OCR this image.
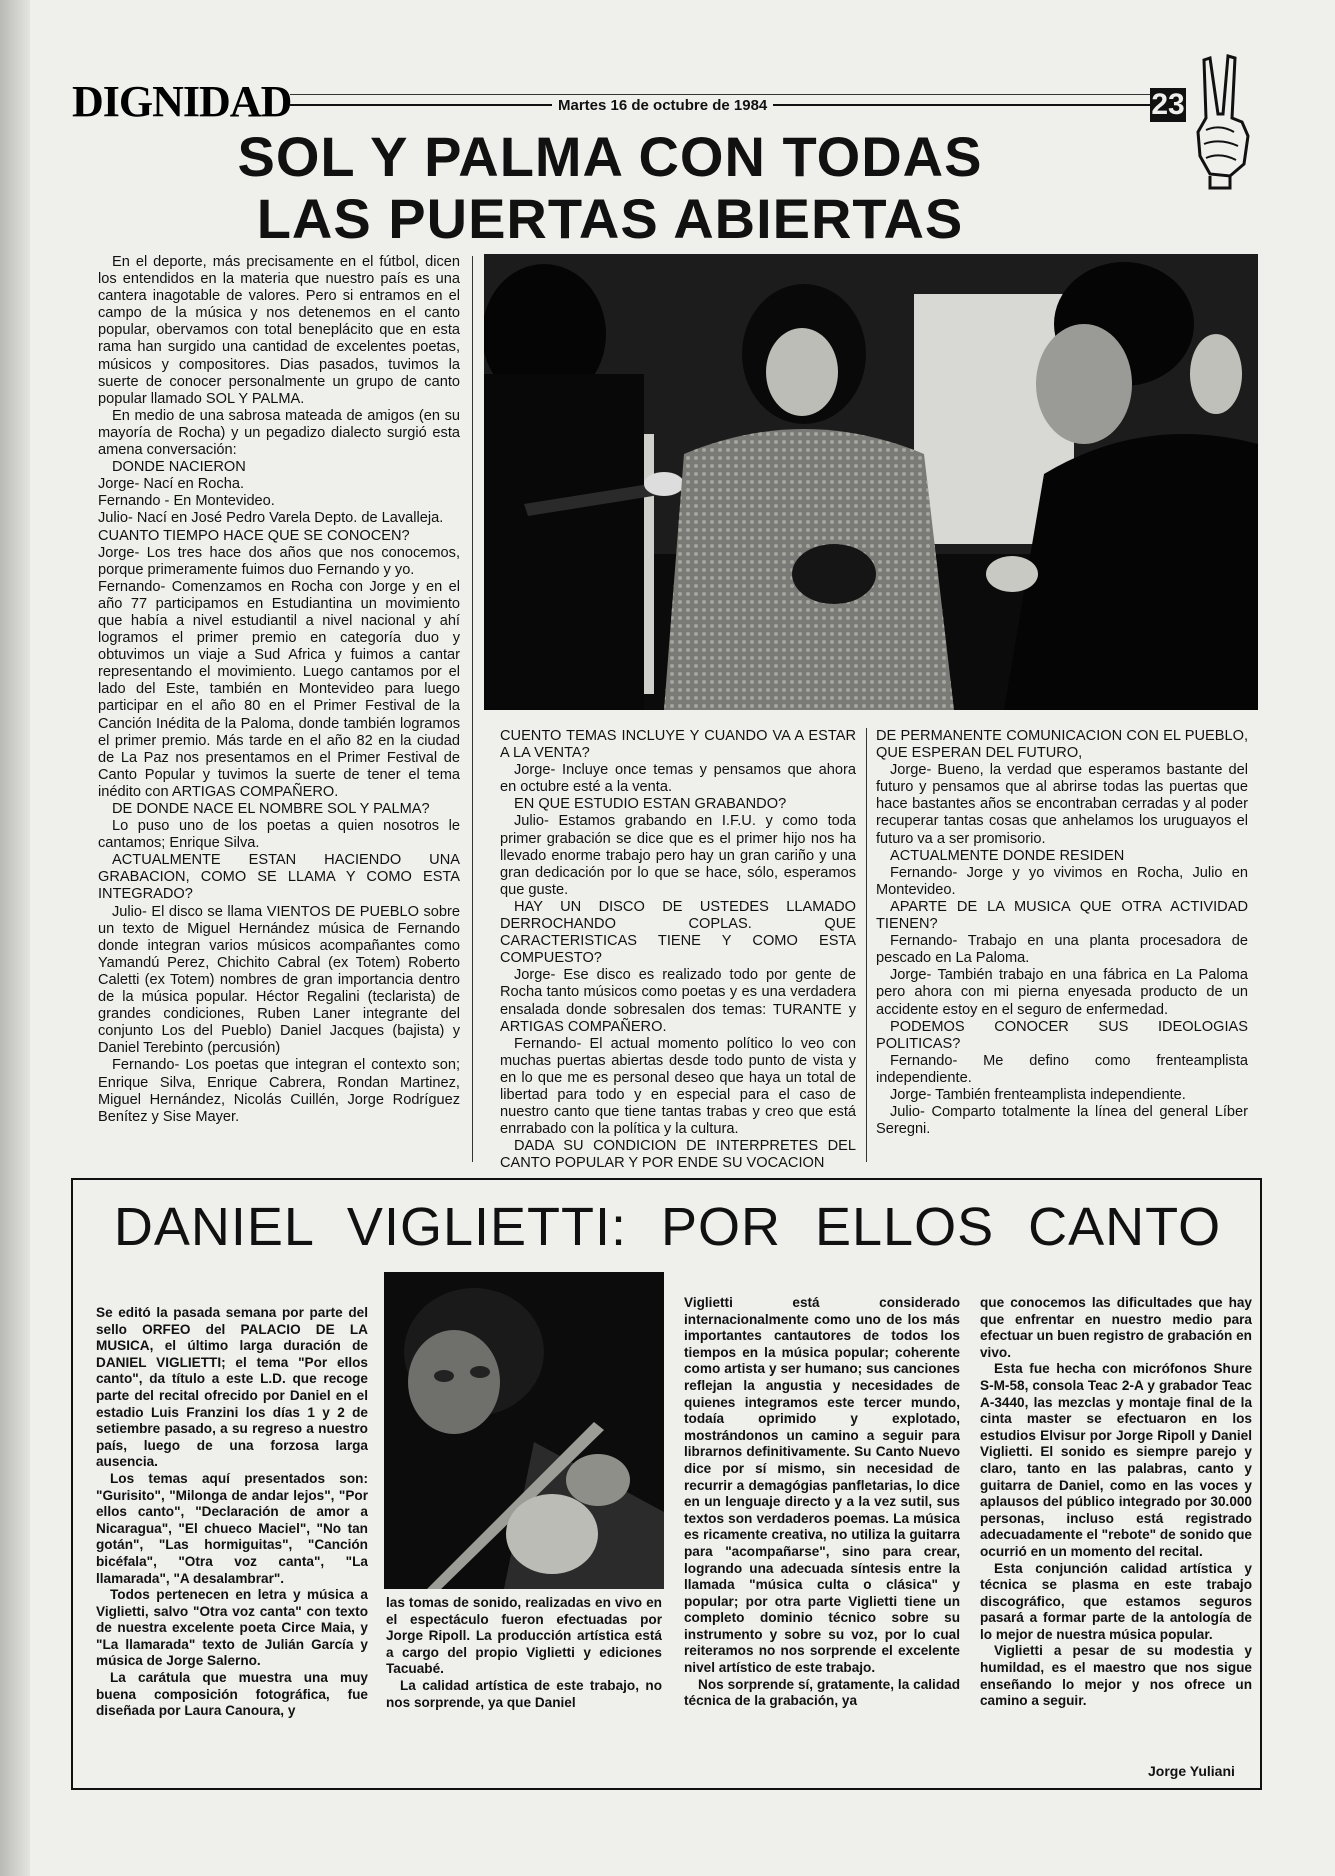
DIGNIDAD	Martes 16 de octubre de 1984	23
SOL Y PALMA CON TODAS
LAS PUERTAS ABIERTAS

En el deporte, más precisamente en el fútbol, dicen los entendidos en la materia que nuestro país es una cantera inagotable de valores. Pero si entramos en el campo de la música y nos detenemos en el canto popular, obervamos con total beneplácito que en esta rama han surgido una cantidad de excelentes poetas, músicos y compositores. Dias pasados, tuvimos la suerte de conocer personalmente un grupo de canto popular llamado SOL Y PALMA.

En medio de una sabrosa mateada de amigos (en su mayoría de Rocha) y un pegadizo dialecto surgió esta amena conversación:

DONDE NACIERON

Jorge- Nací en Rocha.

Fernando - En Montevideo.

Julio- Nací en José Pedro Varela Depto. de Lavalleja.

CUANTO TIEMPO HACE QUE SE CONOCEN?

Jorge- Los tres hace dos años que nos conocemos, porque primeramente fuimos duo Fernando y yo.

Fernando- Comenzamos en Rocha con Jorge y en el año 77 participamos en Estudiantina un movimiento que había a nivel estudiantil a nivel nacional y ahí logramos el primer premio en categoría duo y obtuvimos un viaje a Sud Africa y fuimos a cantar representando el movimiento. Luego cantamos por el lado del Este, también en Montevideo para luego participar en el año 80 en el Primer Festival de la Canción Inédita de la Paloma, donde también logramos el primer premio. Más tarde en el año 82 en la ciudad de La Paz nos presentamos en el Primer Festival de Canto Popular y tuvimos la suerte de tener el tema inédito con ARTIGAS COMPAÑERO.

DE DONDE NACE EL NOMBRE SOL Y PALMA?

Lo puso uno de los poetas a quien nosotros le cantamos; Enrique Silva.

ACTUALMENTE ESTAN HACIENDO UNA GRABACION, COMO SE LLAMA Y COMO ESTA INTEGRADO?

Julio- El disco se llama VIENTOS DE PUEBLO sobre un texto de Miguel Hernández música de Fernando donde integran varios músicos acompañantes como Yamandú Perez, Chichito Cabral (ex Totem) Roberto Caletti (ex Totem) nombres de gran importancia dentro de la música popular. Héctor Regalini (teclarista) de grandes condiciones, Ruben Laner integrante del conjunto Los del Pueblo) Daniel Jacques (bajista) y Daniel Terebinto (percusión)

Fernando- Los poetas que integran el contexto son; Enrique Silva, Enrique Cabrera, Rondan Martinez, Miguel Hernández, Nicolás Cuillén, Jorge Rodríguez Benítez y Sise Mayer.

CUENTO TEMAS INCLUYE Y CUANDO VA A ESTAR A LA VENTA?

Jorge- Incluye once temas y pensamos que ahora en octubre esté a la venta.

EN QUE ESTUDIO ESTAN GRABANDO?

Julio- Estamos grabando en I.F.U. y como toda primer grabación se dice que es el primer hijo nos ha llevado enorme trabajo pero hay un gran cariño y una gran dedicación por lo que se hace, sólo, esperamos que guste.

HAY UN DISCO DE USTEDES LLAMADO DERROCHANDO COPLAS. QUE CARACTERISTICAS TIENE Y COMO ESTA COMPUESTO?

Jorge- Ese disco es realizado todo por gente de Rocha tanto músicos como poetas y es una verdadera ensalada donde sobresalen dos temas: TURANTE y ARTIGAS COMPAÑERO.

Fernando- El actual momento político lo veo con muchas puertas abiertas desde todo punto de vista y en lo que me es personal deseo que haya un total de libertad para todo y en especial para el caso de nuestro canto que tiene tantas trabas y creo que está enrrabado con la política y la cultura.

DADA SU CONDICION DE INTERPRETES DEL CANTO POPULAR Y POR ENDE SU VOCACION

DE PERMANENTE COMUNICACION CON EL PUEBLO, QUE ESPERAN DEL FUTURO,

Jorge- Bueno, la verdad que esperamos bastante del futuro y pensamos que al abrirse todas las puertas que hace bastantes años se encontraban cerradas y al poder recuperar tantas cosas que anhelamos los uruguayos el futuro va a ser promisorio.

ACTUALMENTE DONDE RESIDEN

Fernando- Jorge y yo vivimos en Rocha, Julio en Montevideo.

APARTE DE LA MUSICA QUE OTRA ACTIVIDAD TIENEN?

Fernando- Trabajo en una planta procesadora de pescado en La Paloma.

Jorge- También trabajo en una fábrica en La Paloma pero ahora con mi pierna enyesada producto de un accidente estoy en el seguro de enfermedad.

PODEMOS CONOCER SUS IDEOLOGIAS POLITICAS?

Fernando- Me defino como frenteamplista independiente.

Jorge- También frenteamplista independiente.

Julio- Comparto totalmente la línea del general Líber Seregni.

DANIEL VIGLIETTI: POR ELLOS CANTO

Se editó la pasada semana por parte del sello ORFEO del PALACIO DE LA MUSICA, el último larga duración de DANIEL VIGLIETTI; el tema "Por ellos canto", da título a este L.D. que recoge parte del recital ofrecido por Daniel en el estadio Luis Franzini los días 1 y 2 de setiembre pasado, a su regreso a nuestro país, luego de una forzosa larga ausencia.

Los temas aquí presentados son: "Gurisito", "Milonga de andar lejos", "Por ellos canto", "Declaración de amor a Nicaragua", "El chueco Maciel", "No tan gotán", "Las hormiguitas", "Canción bicéfala", "Otra voz canta", "La llamarada", "A desalambrar".

Todos pertenecen en letra y música a Viglietti, salvo "Otra voz canta" con texto de nuestra excelente poeta Circe Maia, y "La llamarada" texto de Julián García y música de Jorge Salerno.

La carátula que muestra una muy buena composición fotográfica, fue diseñada por Laura Canoura, y

las tomas de sonido, realizadas en vivo en el espectáculo fueron efectuadas por Jorge Ripoll. La producción artística está a cargo del propio Viglietti y ediciones Tacuabé.

La calidad artística de este trabajo, no nos sorprende, ya que Daniel

Viglietti está considerado internacionalmente como uno de los más importantes cantautores de todos los tiempos en la música popular; coherente como artista y ser humano; sus canciones reflejan la angustia y necesidades de quienes integramos este tercer mundo, todaía oprimido y explotado, mostrándonos un camino a seguir para librarnos definitivamente. Su Canto Nuevo dice por sí mismo, sin necesidad de recurrir a demagógias panfletarias, lo dice en un lenguaje directo y a la vez sutil, sus textos son verdaderos poemas. La música es ricamente creativa, no utiliza la guitarra para "acompañarse", sino para crear, logrando una adecuada síntesis entre la llamada "música culta o clásica" y popular; por otra parte Viglietti tiene un completo dominio técnico sobre su instrumento y sobre su voz, por lo cual reiteramos no nos sorprende el excelente nivel artístico de este trabajo.

Nos sorprende sí, gratamente, la calidad técnica de la grabación, ya

que conocemos las dificultades que hay que enfrentar en nuestro medio para efectuar un buen registro de grabación en vivo.

Esta fue hecha con micrófonos Shure S-M-58, consola Teac 2-A y grabador Teac A-3440, las mezclas y montaje final de la cinta master se efectuaron en los estudios Elvisur por Jorge Ripoll y Daniel Viglietti. El sonido es siempre parejo y claro, tanto en las palabras, canto y guitarra de Daniel, como en las voces y aplausos del público integrado por 30.000 personas, incluso está registrado adecuadamente el "rebote" de sonido que ocurrió en un momento del recital.

Esta conjunción calidad artística y técnica se plasma en este trabajo discográfico, que estamos seguros pasará a formar parte de la antología de lo mejor de nuestra música popular.

Viglietti a pesar de su modestia y humildad, es el maestro que nos sigue enseñando lo mejor y nos ofrece un camino a seguir.

Jorge Yuliani
